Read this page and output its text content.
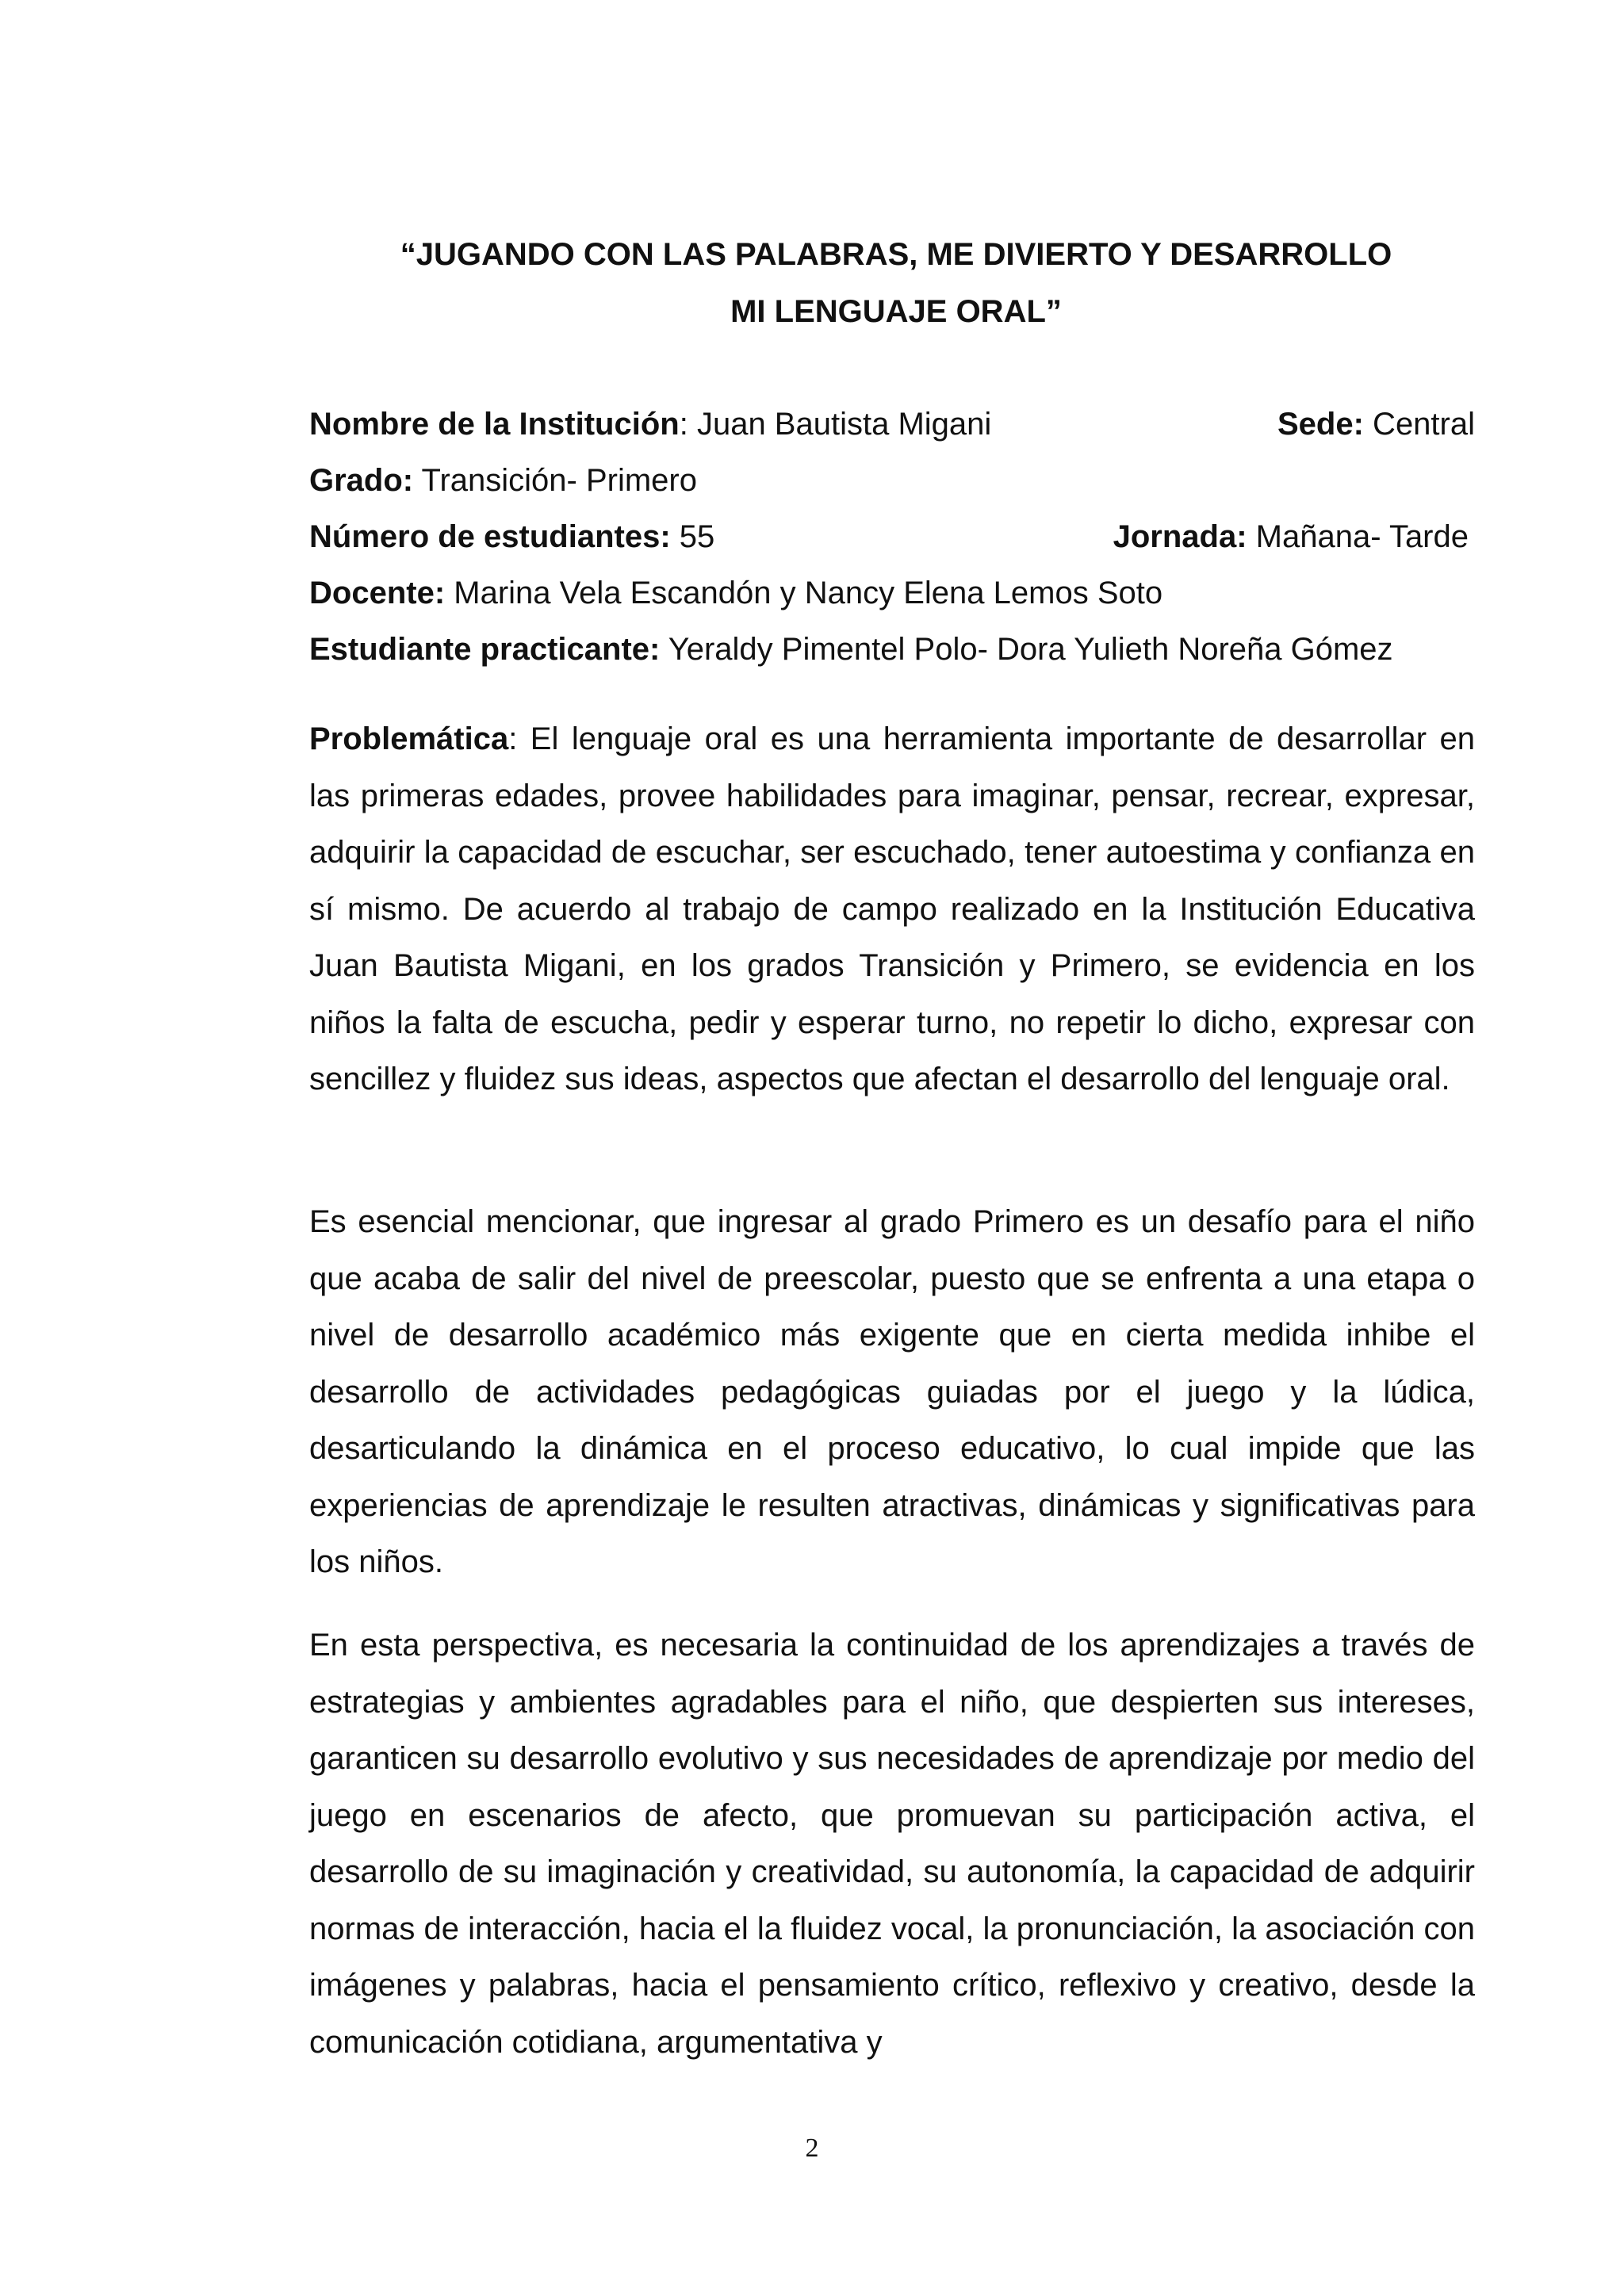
“JUGANDO CON LAS PALABRAS, ME DIVIERTO Y DESARROLLO
MI LENGUAJE ORAL”
Nombre de la Institución: Juan Bautista Migani	Sede: Central
Grado: Transición- Primero
Número de estudiantes: 55	Jornada: Mañana- Tarde
Docente: Marina Vela Escandón y Nancy Elena Lemos Soto
Estudiante practicante: Yeraldy Pimentel Polo- Dora Yulieth Noreña Gómez

Problemática: El lenguaje oral es una herramienta importante de desarrollar en las primeras edades, provee habilidades para imaginar, pensar, recrear, expresar, adquirir la capacidad de escuchar, ser escuchado, tener autoestima y confianza en sí mismo. De acuerdo al trabajo de campo realizado en la Institución Educativa Juan Bautista Migani, en los grados Transición y Primero, se evidencia en los niños la falta de escucha, pedir y esperar turno, no repetir lo dicho, expresar con sencillez y fluidez sus ideas, aspectos que afectan el desarrollo del lenguaje oral.

Es esencial mencionar, que ingresar al grado Primero es un desafío para el niño que acaba de salir del nivel de preescolar, puesto que se enfrenta a una etapa o nivel de desarrollo académico más exigente que en cierta medida inhibe el desarrollo de actividades pedagógicas guiadas por el juego y la lúdica, desarticulando la dinámica en el proceso educativo, lo cual impide que las experiencias de aprendizaje le resulten atractivas, dinámicas y significativas para los niños.

En esta perspectiva, es necesaria la continuidad de los aprendizajes a través de estrategias y ambientes agradables para el niño, que despierten sus intereses, garanticen su desarrollo evolutivo y sus necesidades de aprendizaje por medio del juego en escenarios de afecto, que promuevan su participación activa, el desarrollo de su imaginación y creatividad, su autonomía, la capacidad de adquirir normas de interacción, hacia el la fluidez vocal, la pronunciación, la asociación con imágenes y palabras, hacia el pensamiento crítico, reflexivo y creativo, desde la comunicación cotidiana, argumentativa y

2
